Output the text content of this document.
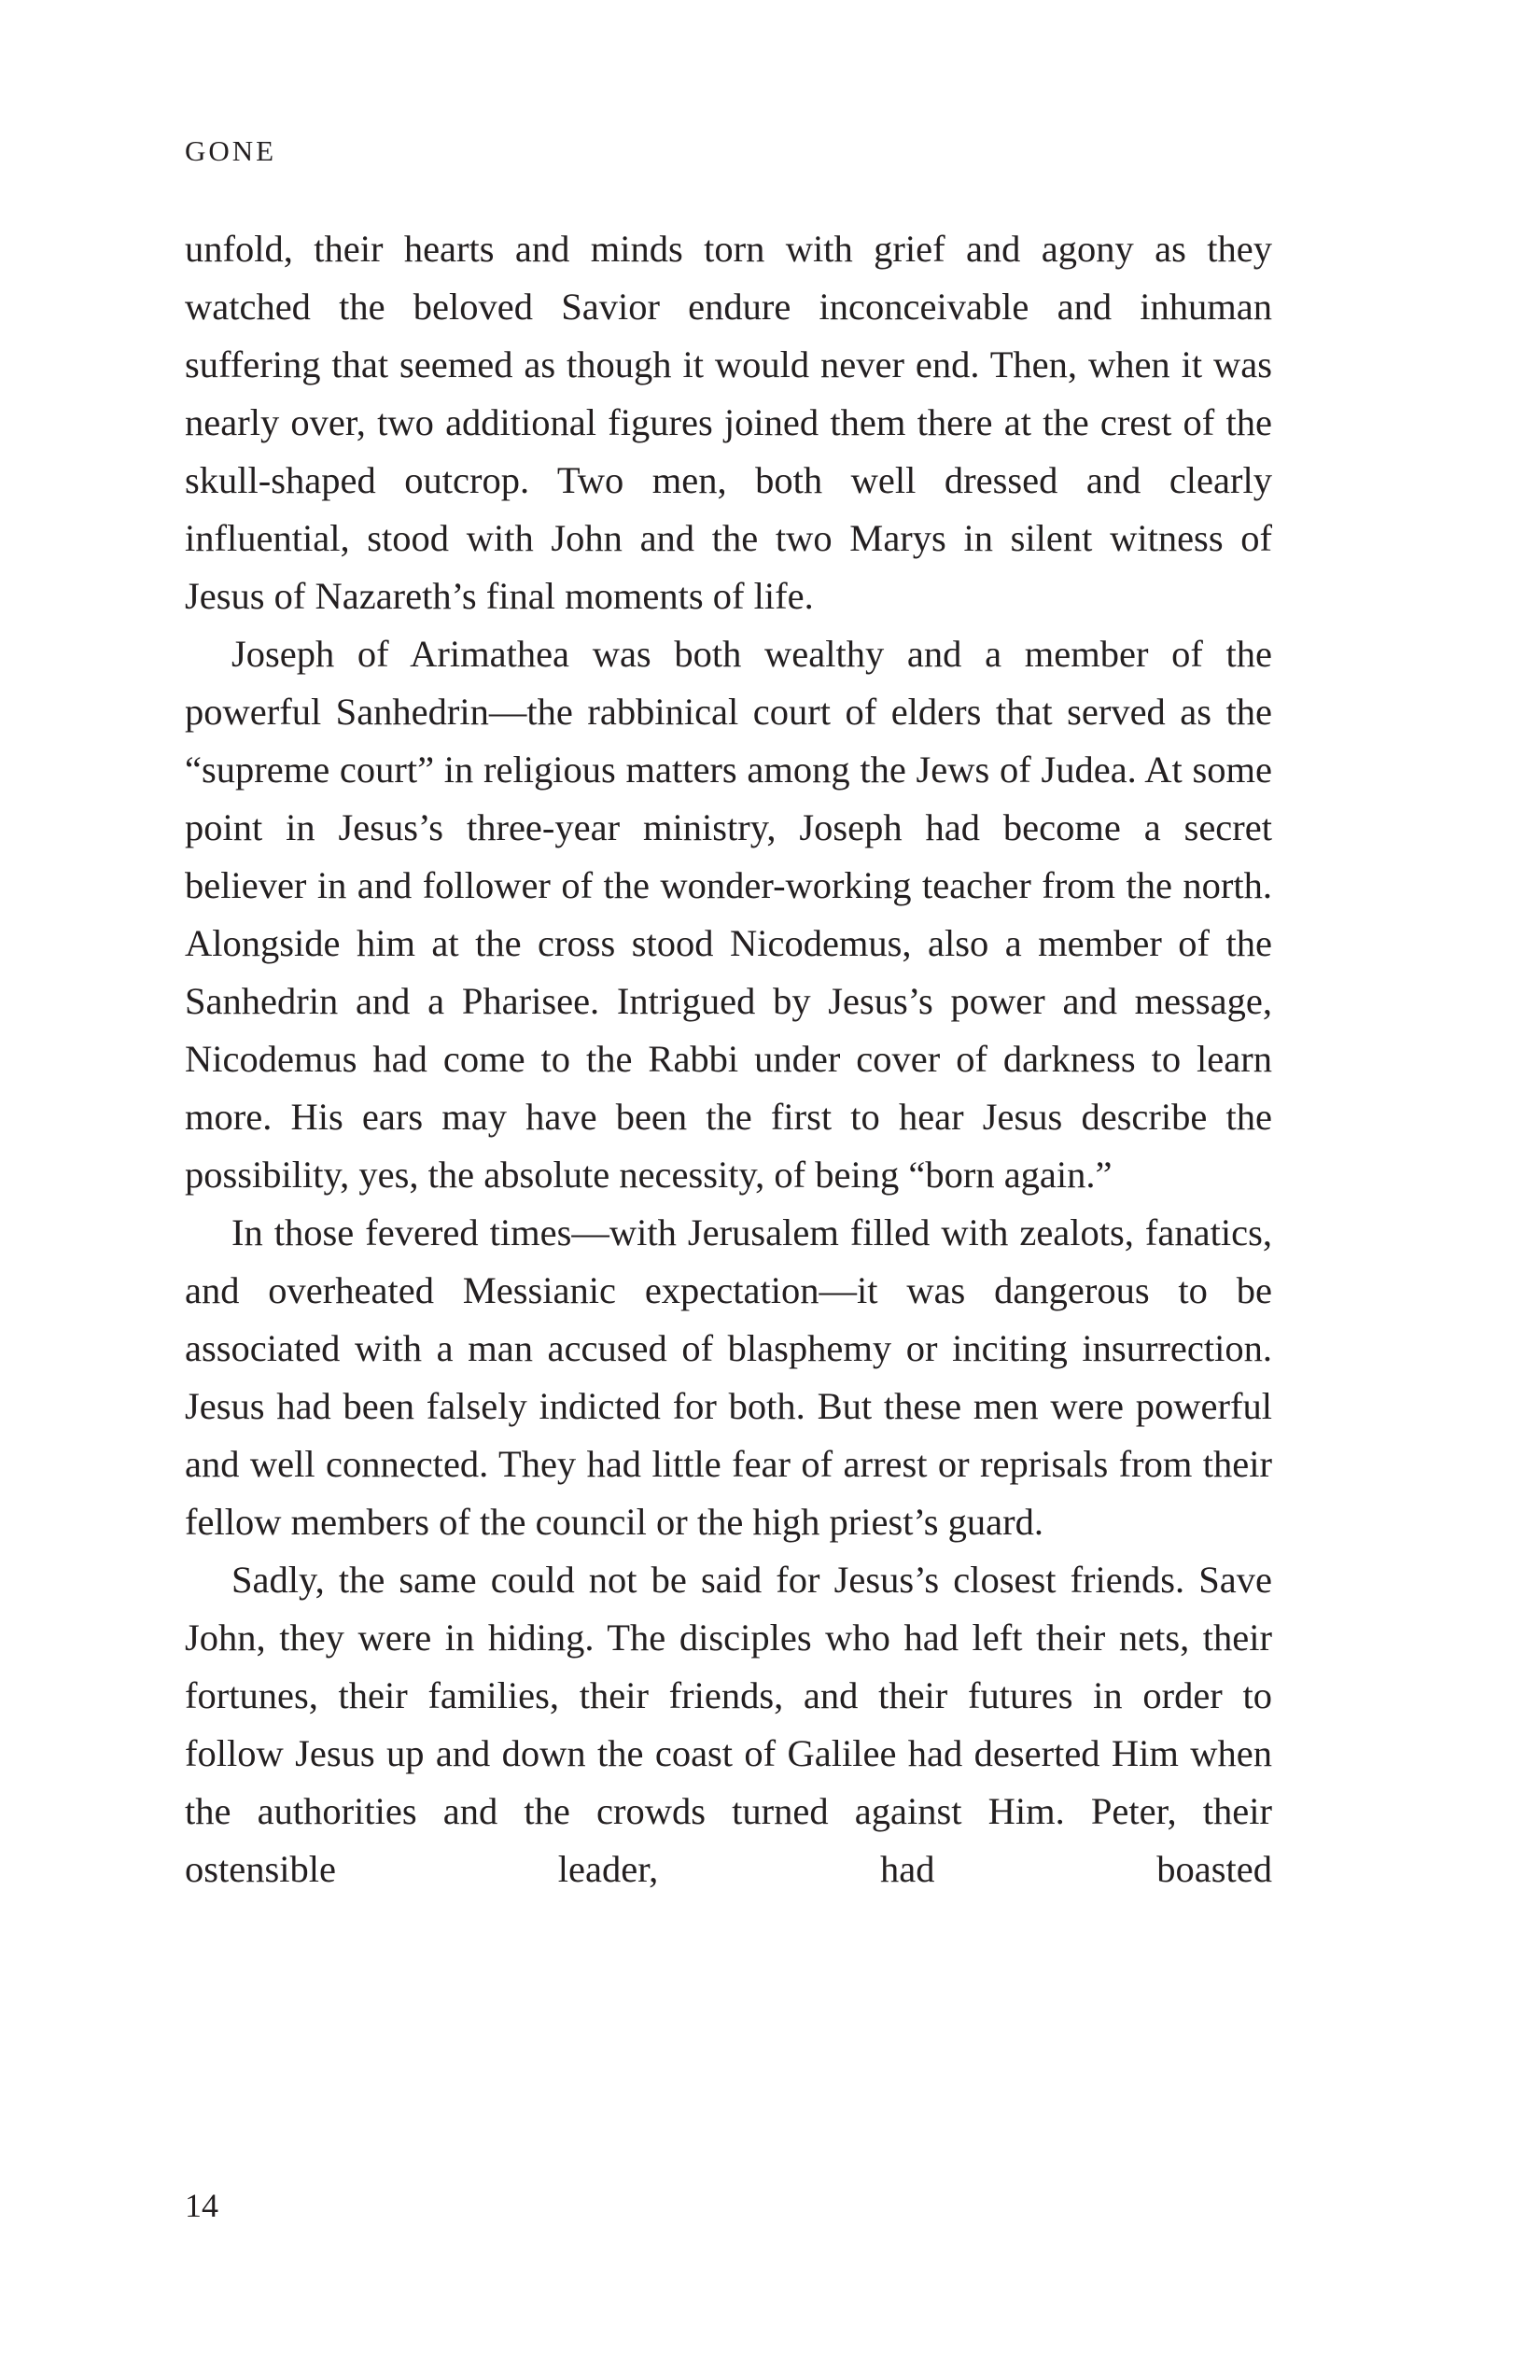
GONE

unfold, their hearts and minds torn with grief and agony as they watched the beloved Savior endure inconceivable and inhuman suffering that seemed as though it would never end. Then, when it was nearly over, two additional figures joined them there at the crest of the skull-shaped outcrop. Two men, both well dressed and clearly influential, stood with John and the two Marys in silent witness of Jesus of Nazareth’s final moments of life.

Joseph of Arimathea was both wealthy and a member of the powerful Sanhedrin—the rabbinical court of elders that served as the “supreme court” in religious matters among the Jews of Judea. At some point in Jesus’s three-year ministry, Joseph had become a secret believer in and follower of the wonder-working teacher from the north. Alongside him at the cross stood Nicodemus, also a member of the Sanhedrin and a Pharisee. Intrigued by Jesus’s power and message, Nicodemus had come to the Rabbi under cover of darkness to learn more. His ears may have been the first to hear Jesus describe the possibility, yes, the absolute necessity, of being “born again.”

In those fevered times—with Jerusalem filled with zealots, fanatics, and overheated Messianic expectation—it was dangerous to be associated with a man accused of blasphemy or inciting insurrection. Jesus had been falsely indicted for both. But these men were powerful and well connected. They had little fear of arrest or reprisals from their fellow members of the council or the high priest’s guard.

Sadly, the same could not be said for Jesus’s closest friends. Save John, they were in hiding. The disciples who had left their nets, their fortunes, their families, their friends, and their futures in order to follow Jesus up and down the coast of Galilee had deserted Him when the authorities and the crowds turned against Him. Peter, their ostensible leader, had boasted

14
